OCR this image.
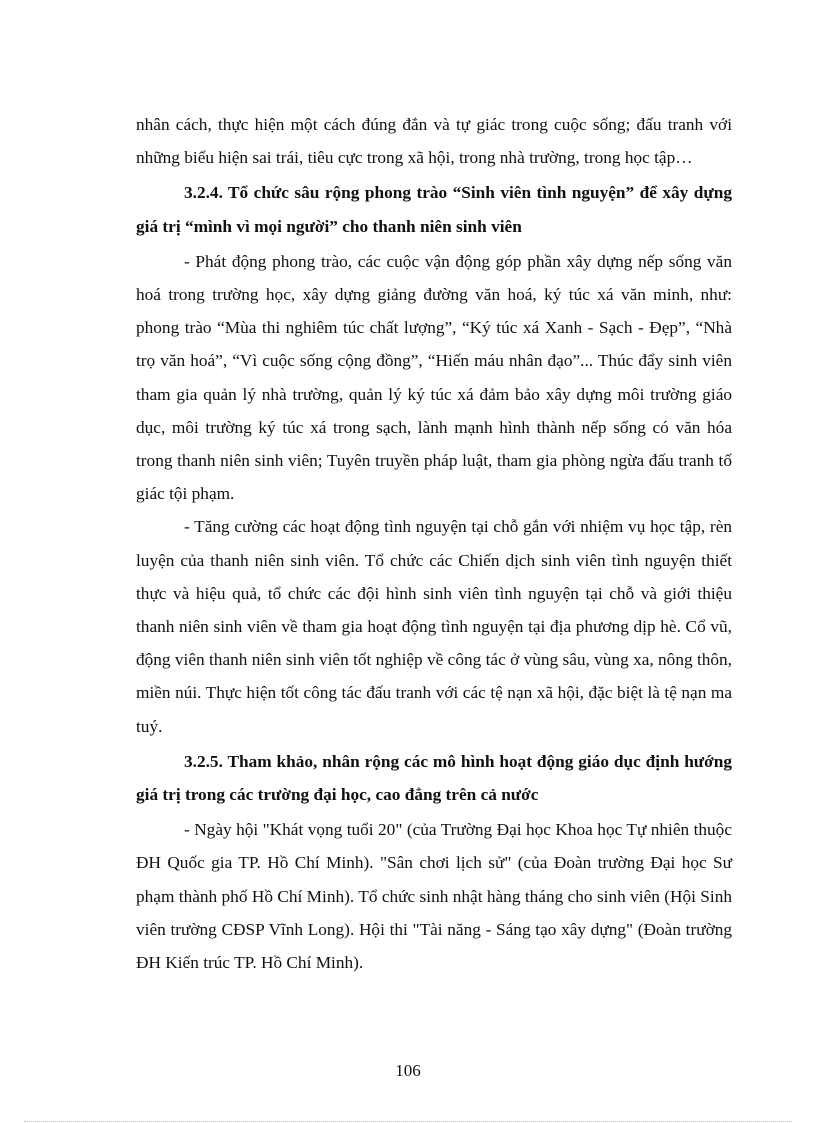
nhân cách, thực hiện một cách đúng đắn và tự giác trong cuộc sống; đấu tranh với những biểu hiện sai trái, tiêu cực trong xã hội, trong nhà trường, trong học tập…

3.2.4. Tổ chức sâu rộng phong trào “Sinh viên tình nguyện” để xây dựng giá trị “mình vì mọi người” cho thanh niên sinh viên

- Phát động phong trào, các cuộc vận động góp phần xây dựng nếp sống văn hoá trong trường học, xây dựng giảng đường văn hoá, ký túc xá văn minh, như: phong trào “Mùa thi nghiêm túc chất lượng”, “Ký túc xá Xanh - Sạch - Đẹp”, “Nhà trọ văn hoá”, “Vì cuộc sống cộng đồng”, “Hiến máu nhân đạo”... Thúc đẩy sinh viên tham gia quản lý nhà trường, quản lý ký túc xá đảm bảo xây dựng môi trường giáo dục, môi trường ký túc xá trong sạch, lành mạnh hình thành nếp sống có văn hóa trong thanh niên sinh viên; Tuyên truyền pháp luật, tham gia phòng ngừa đấu tranh tố giác tội phạm.

- Tăng cường các hoạt động tình nguyện tại chỗ gắn với nhiệm vụ học tập, rèn luyện của thanh niên sinh viên. Tổ chức các Chiến dịch sinh viên tình nguyện thiết thực và hiệu quả, tổ chức các đội hình sinh viên tình nguyện tại chỗ và giới thiệu thanh niên sinh viên về tham gia hoạt động tình nguyện tại địa phương dịp hè. Cổ vũ, động viên thanh niên sinh viên tốt nghiệp về công tác ở vùng sâu, vùng xa, nông thôn, miền núi. Thực hiện tốt công tác đấu tranh với các tệ nạn xã hội, đặc biệt là tệ nạn ma tuý.

3.2.5. Tham khảo, nhân rộng các mô hình hoạt động giáo dục định hướng giá trị trong các trường đại học, cao đẳng trên cả nước

- Ngày hội "Khát vọng tuổi 20" (của Trường Đại học Khoa học Tự nhiên thuộc ĐH Quốc gia TP. Hồ Chí Minh). "Sân chơi lịch sử" (của Đoàn trường Đại học Sư phạm thành phố Hồ Chí Minh). Tổ chức sinh nhật hàng tháng cho sinh viên (Hội Sinh viên trường CĐSP Vĩnh Long). Hội thi "Tài năng - Sáng tạo xây dựng" (Đoàn trường ĐH Kiến trúc TP. Hồ Chí Minh).

106
